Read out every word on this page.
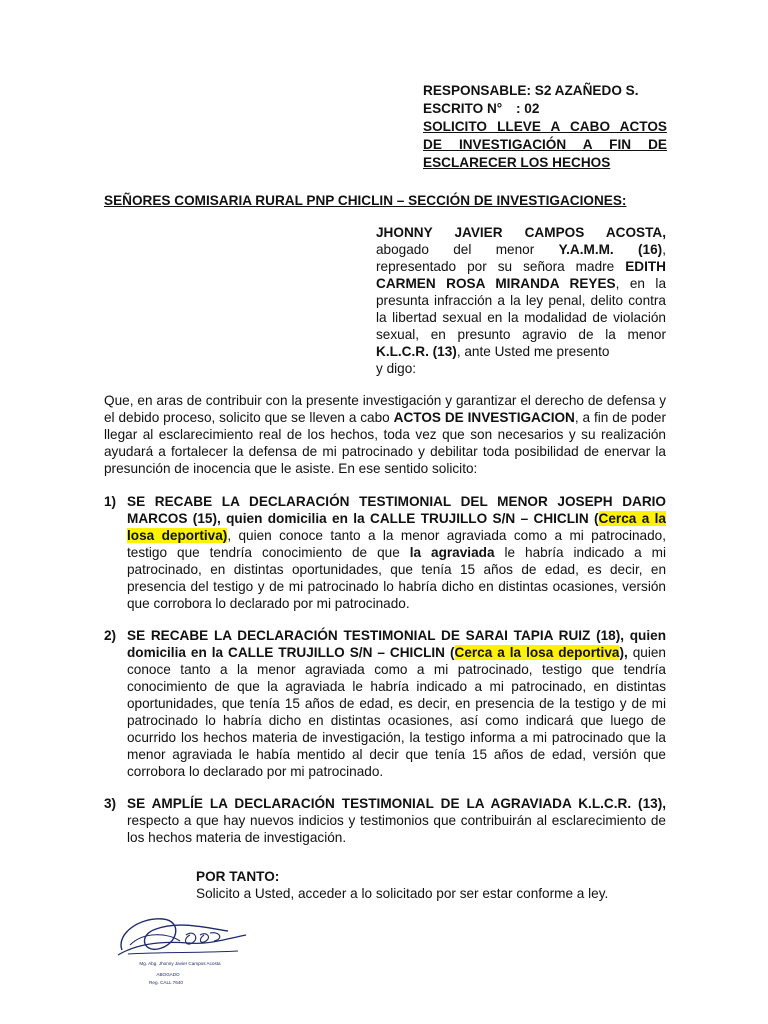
RESPONSABLE: S2 AZAÑEDO S.
ESCRITO N° : 02
SOLICITO LLEVE A CABO ACTOS
DE INVESTIGACIÓN A FIN DE
ESCLARECER LOS HECHOS
SEÑORES COMISARIA RURAL PNP CHICLIN – SECCIÓN DE INVESTIGACIONES:
JHONNY JAVIER CAMPOS ACOSTA, abogado del menor Y.A.M.M. (16), representado por su señora madre EDITH CARMEN ROSA MIRANDA REYES, en la presunta infracción a la ley penal, delito contra la libertad sexual en la modalidad de violación sexual, en presunto agravio de la menor K.L.C.R. (13), ante Usted me presento
y digo:
Que, en aras de contribuir con la presente investigación y garantizar el derecho de defensa y el debido proceso, solicito que se lleven a cabo ACTOS DE INVESTIGACION, a fin de poder llegar al esclarecimiento real de los hechos, toda vez que son necesarios y su realización ayudará a fortalecer la defensa de mi patrocinado y debilitar toda posibilidad de enervar la presunción de inocencia que le asiste. En ese sentido solicito:
1) SE RECABE LA DECLARACIÓN TESTIMONIAL DEL MENOR JOSEPH DARIO MARCOS (15), quien domicilia en la CALLE TRUJILLO S/N – CHICLIN (Cerca a la losa deportiva), quien conoce tanto a la menor agraviada como a mi patrocinado, testigo que tendría conocimiento de que la agraviada le habría indicado a mi patrocinado, en distintas oportunidades, que tenía 15 años de edad, es decir, en presencia del testigo y de mi patrocinado lo habría dicho en distintas ocasiones, versión que corrobora lo declarado por mi patrocinado.
2) SE RECABE LA DECLARACIÓN TESTIMONIAL DE SARAI TAPIA RUIZ (18), quien domicilia en la CALLE TRUJILLO S/N – CHICLIN (Cerca a la losa deportiva), quien conoce tanto a la menor agraviada como a mi patrocinado, testigo que tendría conocimiento de que la agraviada le habría indicado a mi patrocinado, en distintas oportunidades, que tenía 15 años de edad, es decir, en presencia de la testigo y de mi patrocinado lo habría dicho en distintas ocasiones, así como indicará que luego de ocurrido los hechos materia de investigación, la testigo informa a mi patrocinado que la menor agraviada le había mentido al decir que tenía 15 años de edad, versión que corrobora lo declarado por mi patrocinado.
3) SE AMPLÍE LA DECLARACIÓN TESTIMONIAL DE LA AGRAVIADA K.L.C.R. (13), respecto a que hay nuevos indicios y testimonios que contribuirán al esclarecimiento de los hechos materia de investigación.
POR TANTO:
Solicito a Usted, acceder a lo solicitado por ser estar conforme a ley.
Mg. Abg. Jhonny Javier Campos Acosta
ABOGADO
Reg. CALL 7640
